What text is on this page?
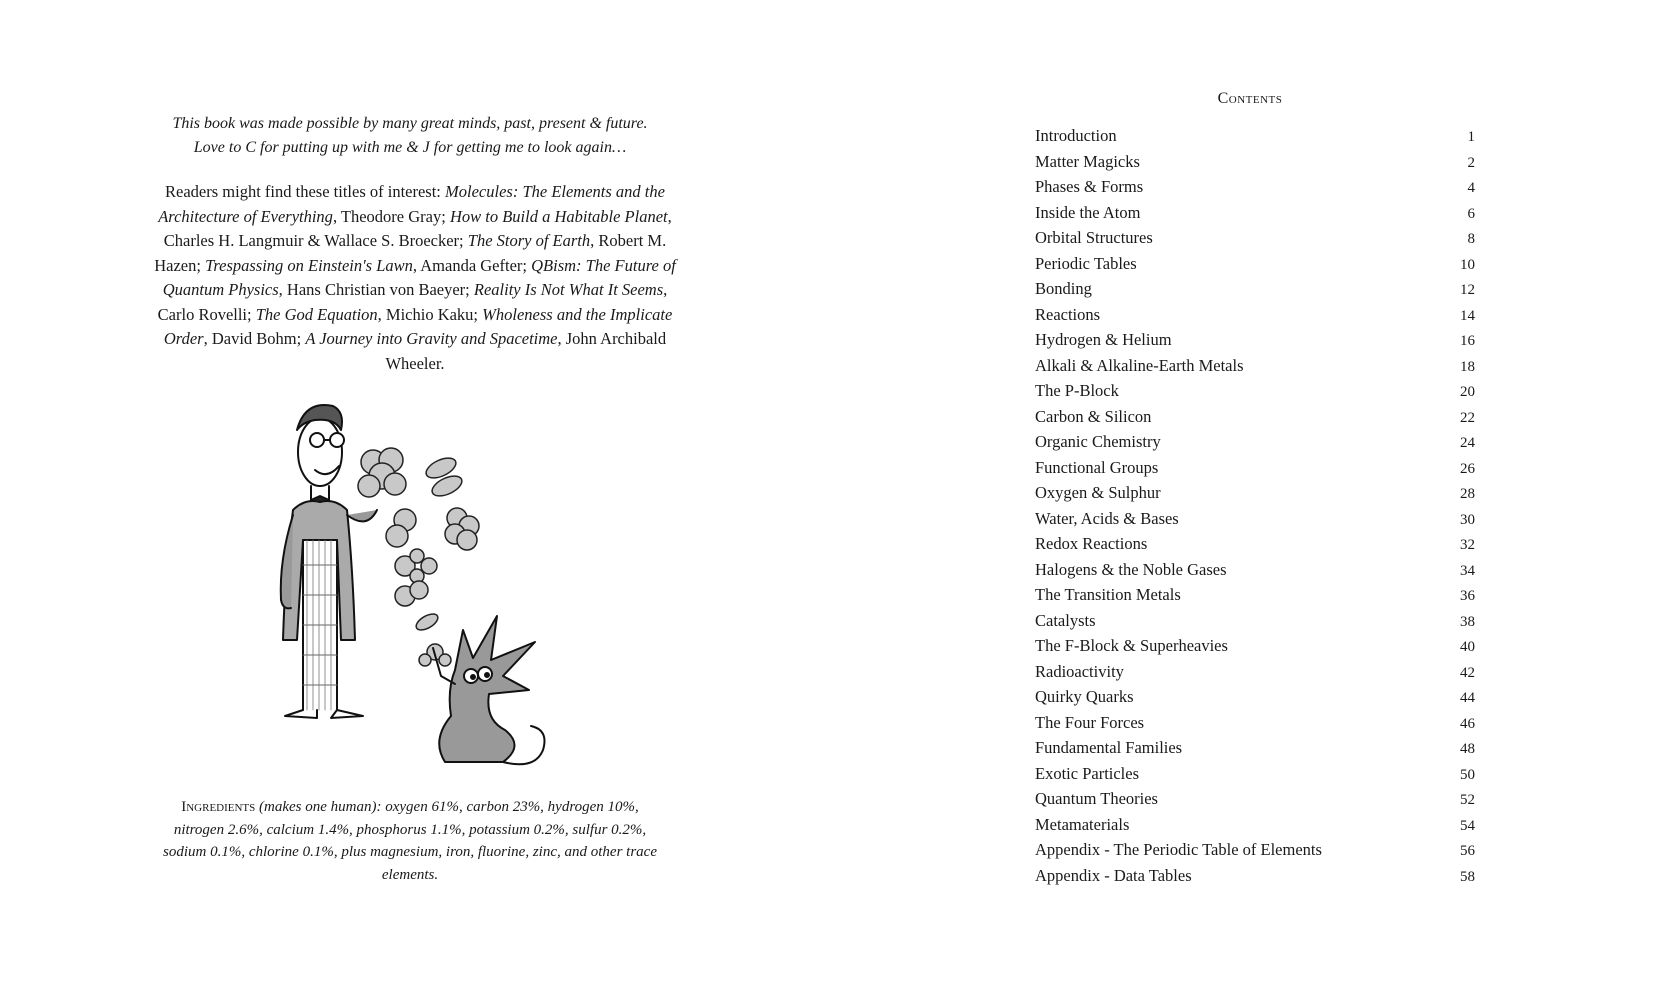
This book was made possible by many great minds, past, present & future.
Love to C for putting up with me & J for getting me to look again…

Readers might find these titles of interest: Molecules: The Elements and the Architecture of Everything, Theodore Gray; How to Build a Habitable Planet, Charles H. Langmuir & Wallace S. Broecker; The Story of Earth, Robert M. Hazen; Trespassing on Einstein's Lawn, Amanda Gefter; QBism: The Future of Quantum Physics, Hans Christian von Baeyer; Reality Is Not What It Seems, Carlo Rovelli; The God Equation, Michio Kaku; Wholeness and the Implicate Order, David Bohm; A Journey into Gravity and Spacetime, John Archibald Wheeler.

Ingredients (makes one human): oxygen 61%, carbon 23%, hydrogen 10%, nitrogen 2.6%, calcium 1.4%, phosphorus 1.1%, potassium 0.2%, sulfur 0.2%, sodium 0.1%, chlorine 0.1%, plus magnesium, iron, fluorine, zinc, and other trace elements.

Contents
Introduction	1
Matter Magicks	2
Phases & Forms	4
Inside the Atom	6
Orbital Structures	8
Periodic Tables	10
Bonding	12
Reactions	14
Hydrogen & Helium	16
Alkali & Alkaline-Earth Metals	18
The P-Block	20
Carbon & Silicon	22
Organic Chemistry	24
Functional Groups	26
Oxygen & Sulphur	28
Water, Acids & Bases	30
Redox Reactions	32
Halogens & the Noble Gases	34
The Transition Metals	36
Catalysts	38
The F-Block & Superheavies	40
Radioactivity	42
Quirky Quarks	44
The Four Forces	46
Fundamental Families	48
Exotic Particles	50
Quantum Theories	52
Metamaterials	54
Appendix - The Periodic Table of Elements	56
Appendix - Data Tables	58
